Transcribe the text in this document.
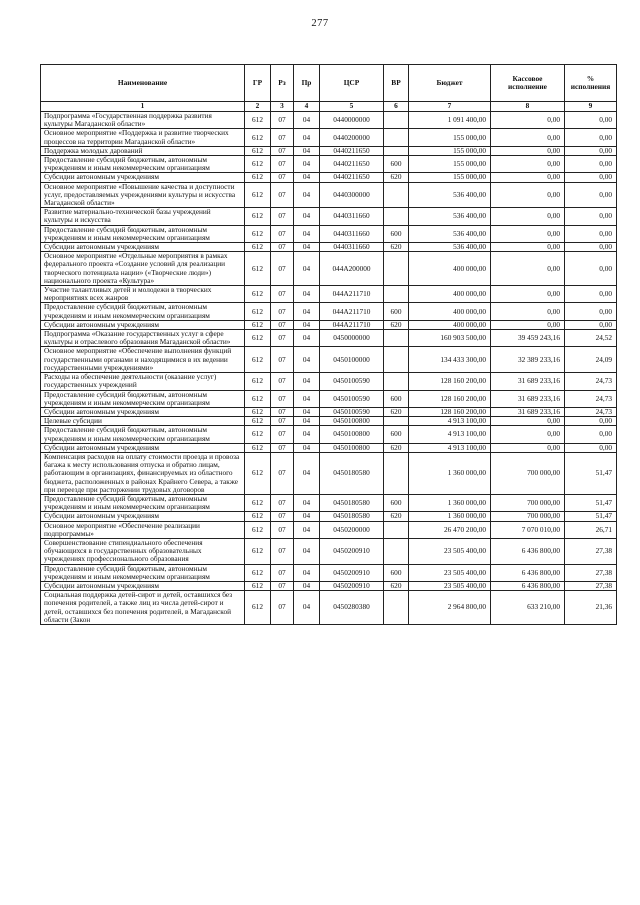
277
Наименование	ГР	Рз	Пр	ЦСР	ВР	Бюджет	Кассовое исполнение	% исполнения
1	2	3	4	5	6	7	8	9
Подпрограмма «Государственная поддержка развития культуры Магаданской области»	612	07	04	0440000000		1 091 400,00	0,00	0,00
Основное мероприятие «Поддержка и развитие творческих процессов на территории Магаданской области»	612	07	04	0440200000		155 000,00	0,00	0,00
Поддержка молодых дарований	612	07	04	0440211650		155 000,00	0,00	0,00
Предоставление субсидий бюджетным, автономным учреждениям и иным некоммерческим организациям	612	07	04	0440211650	600	155 000,00	0,00	0,00
Субсидии автономным учреждениям	612	07	04	0440211650	620	155 000,00	0,00	0,00
Основное мероприятие «Повышение качества и доступности услуг, предоставляемых учреждениями культуры и искусства Магаданской области»	612	07	04	0440300000		536 400,00	0,00	0,00
Развитие материально-технической базы учреждений культуры и искусства	612	07	04	0440311660		536 400,00	0,00	0,00
Предоставление субсидий бюджетным, автономным учреждениям и иным некоммерческим организациям	612	07	04	0440311660	600	536 400,00	0,00	0,00
Субсидии автономным учреждениям	612	07	04	0440311660	620	536 400,00	0,00	0,00
Основное мероприятие «Отдельные мероприятия в рамках федерального проекта «Создание условий для реализации творческого потенциала нации» («Творческие люди») национального проекта «Культура»	612	07	04	044А200000		400 000,00	0,00	0,00
Участие талантливых детей и молодежи в творческих мероприятиях всех жанров	612	07	04	044А211710		400 000,00	0,00	0,00
Предоставление субсидий бюджетным, автономным учреждениям и иным некоммерческим организациям	612	07	04	044А211710	600	400 000,00	0,00	0,00
Субсидии автономным учреждениям	612	07	04	044А211710	620	400 000,00	0,00	0,00
Подпрограмма «Оказание государственных услуг в сфере культуры и отраслевого образования Магаданской области»	612	07	04	0450000000		160 903 500,00	39 459 243,16	24,52
Основное мероприятие «Обеспечение выполнения функций государственными органами и находящимися в их ведении государственными учреждениями»	612	07	04	0450100000		134 433 300,00	32 389 233,16	24,09
Расходы на обеспечение деятельности (оказание услуг) государственных учреждений	612	07	04	0450100590		128 160 200,00	31 689 233,16	24,73
Предоставление субсидий бюджетным, автономным учреждениям и иным некоммерческим организациям	612	07	04	0450100590	600	128 160 200,00	31 689 233,16	24,73
Субсидии автономным учреждениям	612	07	04	0450100590	620	128 160 200,00	31 689 233,16	24,73
Целевые субсидии	612	07	04	0450100800		4 913 100,00	0,00	0,00
Предоставление субсидий бюджетным, автономным учреждениям и иным некоммерческим организациям	612	07	04	0450100800	600	4 913 100,00	0,00	0,00
Субсидии автономным учреждениям	612	07	04	0450100800	620	4 913 100,00	0,00	0,00
Компенсация расходов на оплату стоимости проезда и провоза багажа к месту использования отпуска и обратно лицам, работающим в организациях, финансируемых из областного бюджета, расположенных в районах Крайнего Севера, а также при переезде при расторжении трудовых договоров	612	07	04	0450180580		1 360 000,00	700 000,00	51,47
Предоставление субсидий бюджетным, автономным учреждениям и иным некоммерческим организациям	612	07	04	0450180580	600	1 360 000,00	700 000,00	51,47
Субсидии автономным учреждениям	612	07	04	0450180580	620	1 360 000,00	700 000,00	51,47
Основное мероприятие «Обеспечение реализации подпрограммы»	612	07	04	0450200000		26 470 200,00	7 070 010,00	26,71
Совершенствование стипендиального обеспечения обучающихся в государственных образовательных учреждениях профессионального образования	612	07	04	0450200910		23 505 400,00	6 436 800,00	27,38
Предоставление субсидий бюджетным, автономным учреждениям и иным некоммерческим организациям	612	07	04	0450200910	600	23 505 400,00	6 436 800,00	27,38
Субсидии автономным учреждениям	612	07	04	0450200910	620	23 505 400,00	6 436 800,00	27,38
Социальная поддержка детей-сирот и детей, оставшихся без попечения родителей, а также лиц из числа детей-сирот и детей, оставшихся без попечения родителей, в Магаданской области (Закон	612	07	04	0450280380		2 964 800,00	633 210,00	21,36
